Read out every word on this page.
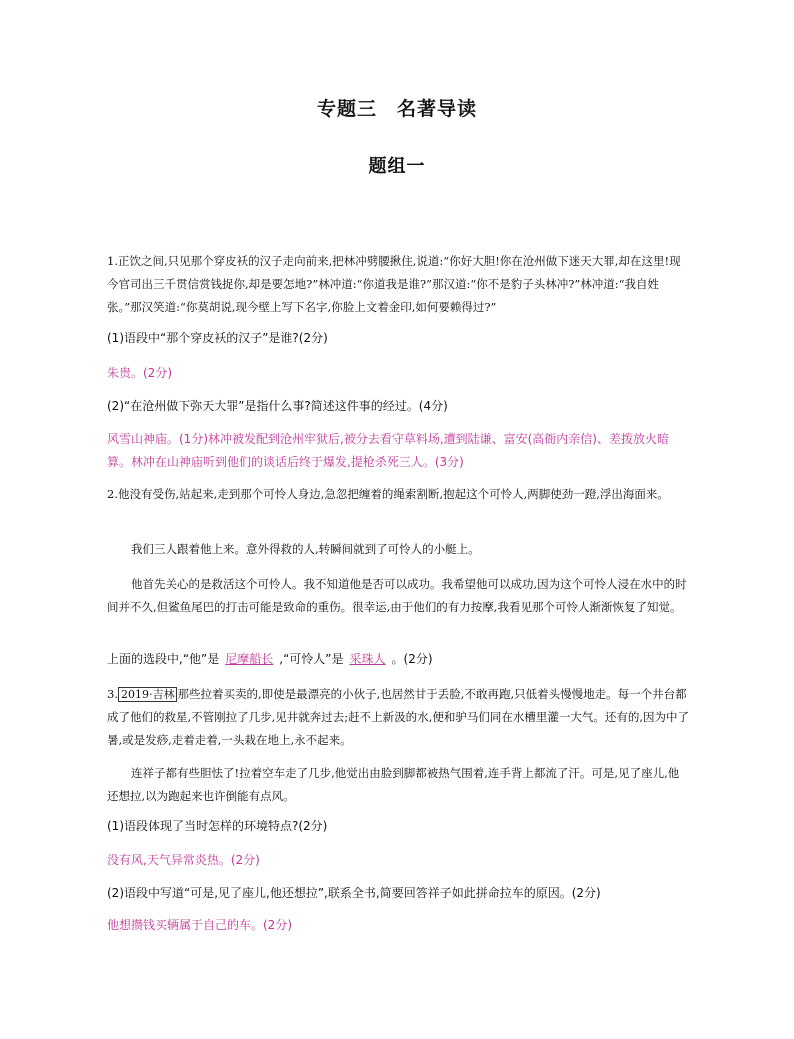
专题三　名著导读
题组一
1.正饮之间,只见那个穿皮袄的汉子走向前来,把林冲劈腰揪住,说道:“你好大胆!你在沧州做下迷天大罪,却在这里!现今官司出三千贯信赏钱捉你,却是要怎地?”林冲道:“你道我是谁?”那汉道:“你不是豹子头林冲?”林冲道:“我自姓张。”那汉笑道:“你莫胡说,现今壁上写下名字,你脸上文着金印,如何要赖得过?”
(1)语段中“那个穿皮袄的汉子”是谁?(2分)
朱贵。(2分)
(2)“在沧州做下弥天大罪”是指什么事?简述这件事的经过。(4分)
风雪山神庙。(1分)林冲被发配到沧州牢狱后,被分去看守草料场,遭到陆谦、富安(高衙内亲信)、差拨放火暗算。林冲在山神庙听到他们的谈话后终于爆发,提枪杀死三人。(3分)
2.他没有受伤,站起来,走到那个可怜人身边,急忽把缠着的绳索割断,抱起这个可怜人,两脚使劲一蹬,浮出海面来。
我们三人跟着他上来。意外得救的人,转瞬间就到了可怜人的小艇上。
他首先关心的是救活这个可怜人。我不知道他是否可以成功。我希望他可以成功,因为这个可怜人浸在水中的时间并不久,但鲨鱼尾巴的打击可能是致命的重伤。很幸运,由于他们的有力按摩,我看见那个可怜人渐渐恢复了知觉。
上面的选段中,“他”是 尼摩船长 ,“可怜人”是 采珠人 。(2分)
3. 2019·吉林 那些拉着买卖的,即使是最漂亮的小伙子,也居然甘于丢脸,不敢再跑,只低着头慢慢地走。每一个井台都成了他们的救星,不管刚拉了几步,见井就奔过去;赶不上新汲的水,便和驴马们同在水槽里灌一大气。还有的,因为中了暑,或是发痧,走着走着,一头栽在地上,永不起来。
连祥子都有些胆怯了!拉着空车走了几步,他觉出由脸到脚都被热气围着,连手背上都流了汗。可是,见了座儿,他还想拉,以为跑起来也许倒能有点风。
(1)语段体现了当时怎样的环境特点?(2分)
没有风,天气异常炎热。(2分)
(2)语段中写道“可是,见了座儿,他还想拉”,联系全书,简要回答祥子如此拼命拉车的原因。(2分)
他想攒钱买辆属于自己的车。(2分)
